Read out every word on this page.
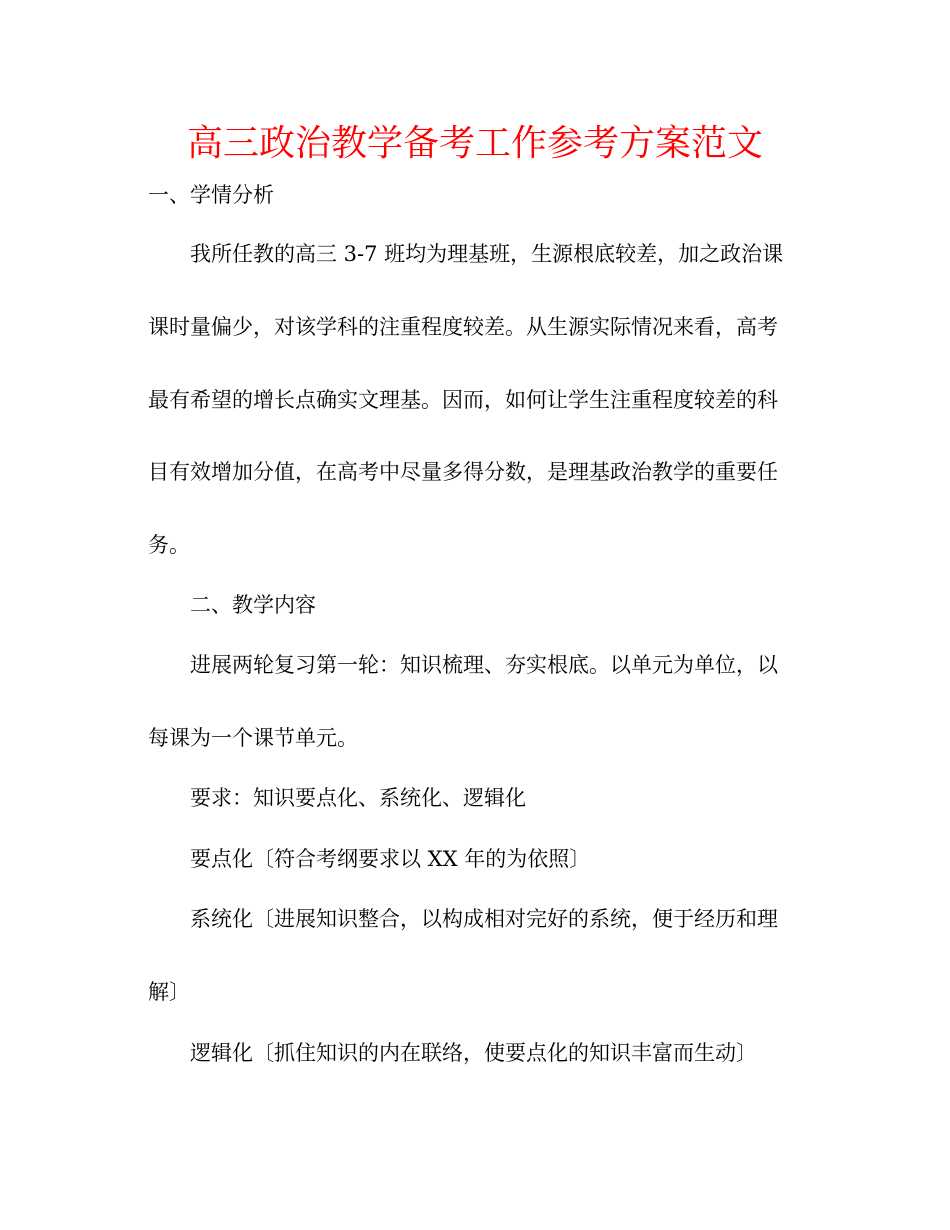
高三政治教学备考工作参考方案范文
一、学情分析
我所任教的高三 3-7 班均为理基班，生源根底较差，加之政治课
课时量偏少，对该学科的注重程度较差。从生源实际情况来看，高考
最有希望的增长点确实文理基。因而，如何让学生注重程度较差的科
目有效增加分值，在高考中尽量多得分数，是理基政治教学的重要任
务。
二、教学内容
进展两轮复习第一轮：知识梳理、夯实根底。以单元为单位，以
每课为一个课节单元。
要求：知识要点化、系统化、逻辑化
要点化〔符合考纲要求以 XX 年的为依照〕
系统化〔进展知识整合，以构成相对完好的系统，便于经历和理
解〕
逻辑化〔抓住知识的内在联络，使要点化的知识丰富而生动〕
